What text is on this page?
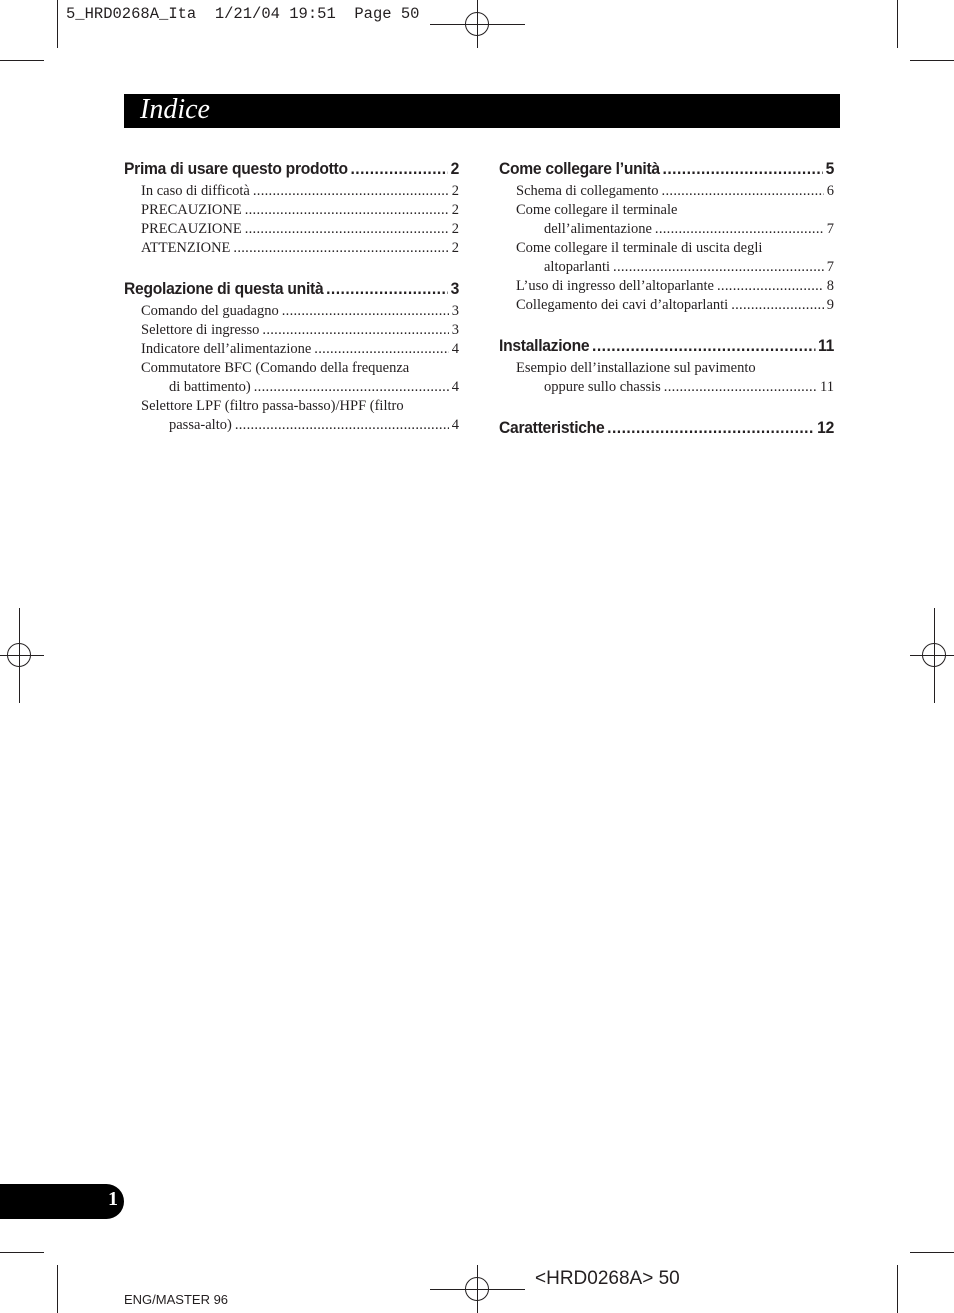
5_HRD0268A_Ita  1/21/04 19:51  Page 50
Indice
Prima di usare questo prodotto .....	2
In caso di difficotà .....	2
PRECAUZIONE .....	2
PRECAUZIONE .....	2
ATTENZIONE .....	2
Regolazione di questa unità .....	3
Comando del guadagno .....	3
Selettore di ingresso .....	3
Indicatore dell’alimentazione .....	4
Commutatore BFC (Comando della frequenza
di battimento) .....	4
Selettore LPF (filtro passa-basso)/HPF (filtro
passa-alto) .....	4
Come collegare l’unità .....	5
Schema di collegamento .....	6
Come collegare il terminale
dell’alimentazione .....	7
Come collegare il terminale di uscita degli
altoparlanti .....	7
L’uso di ingresso dell’altoparlante .....	8
Collegamento dei cavi d’altoparlanti .....	9
Installazione .....	11
Esempio dell’installazione sul pavimento
oppure sullo chassis .....	11
Caratteristiche .....	12
1
ENG/MASTER 96
<HRD0268A> 50
